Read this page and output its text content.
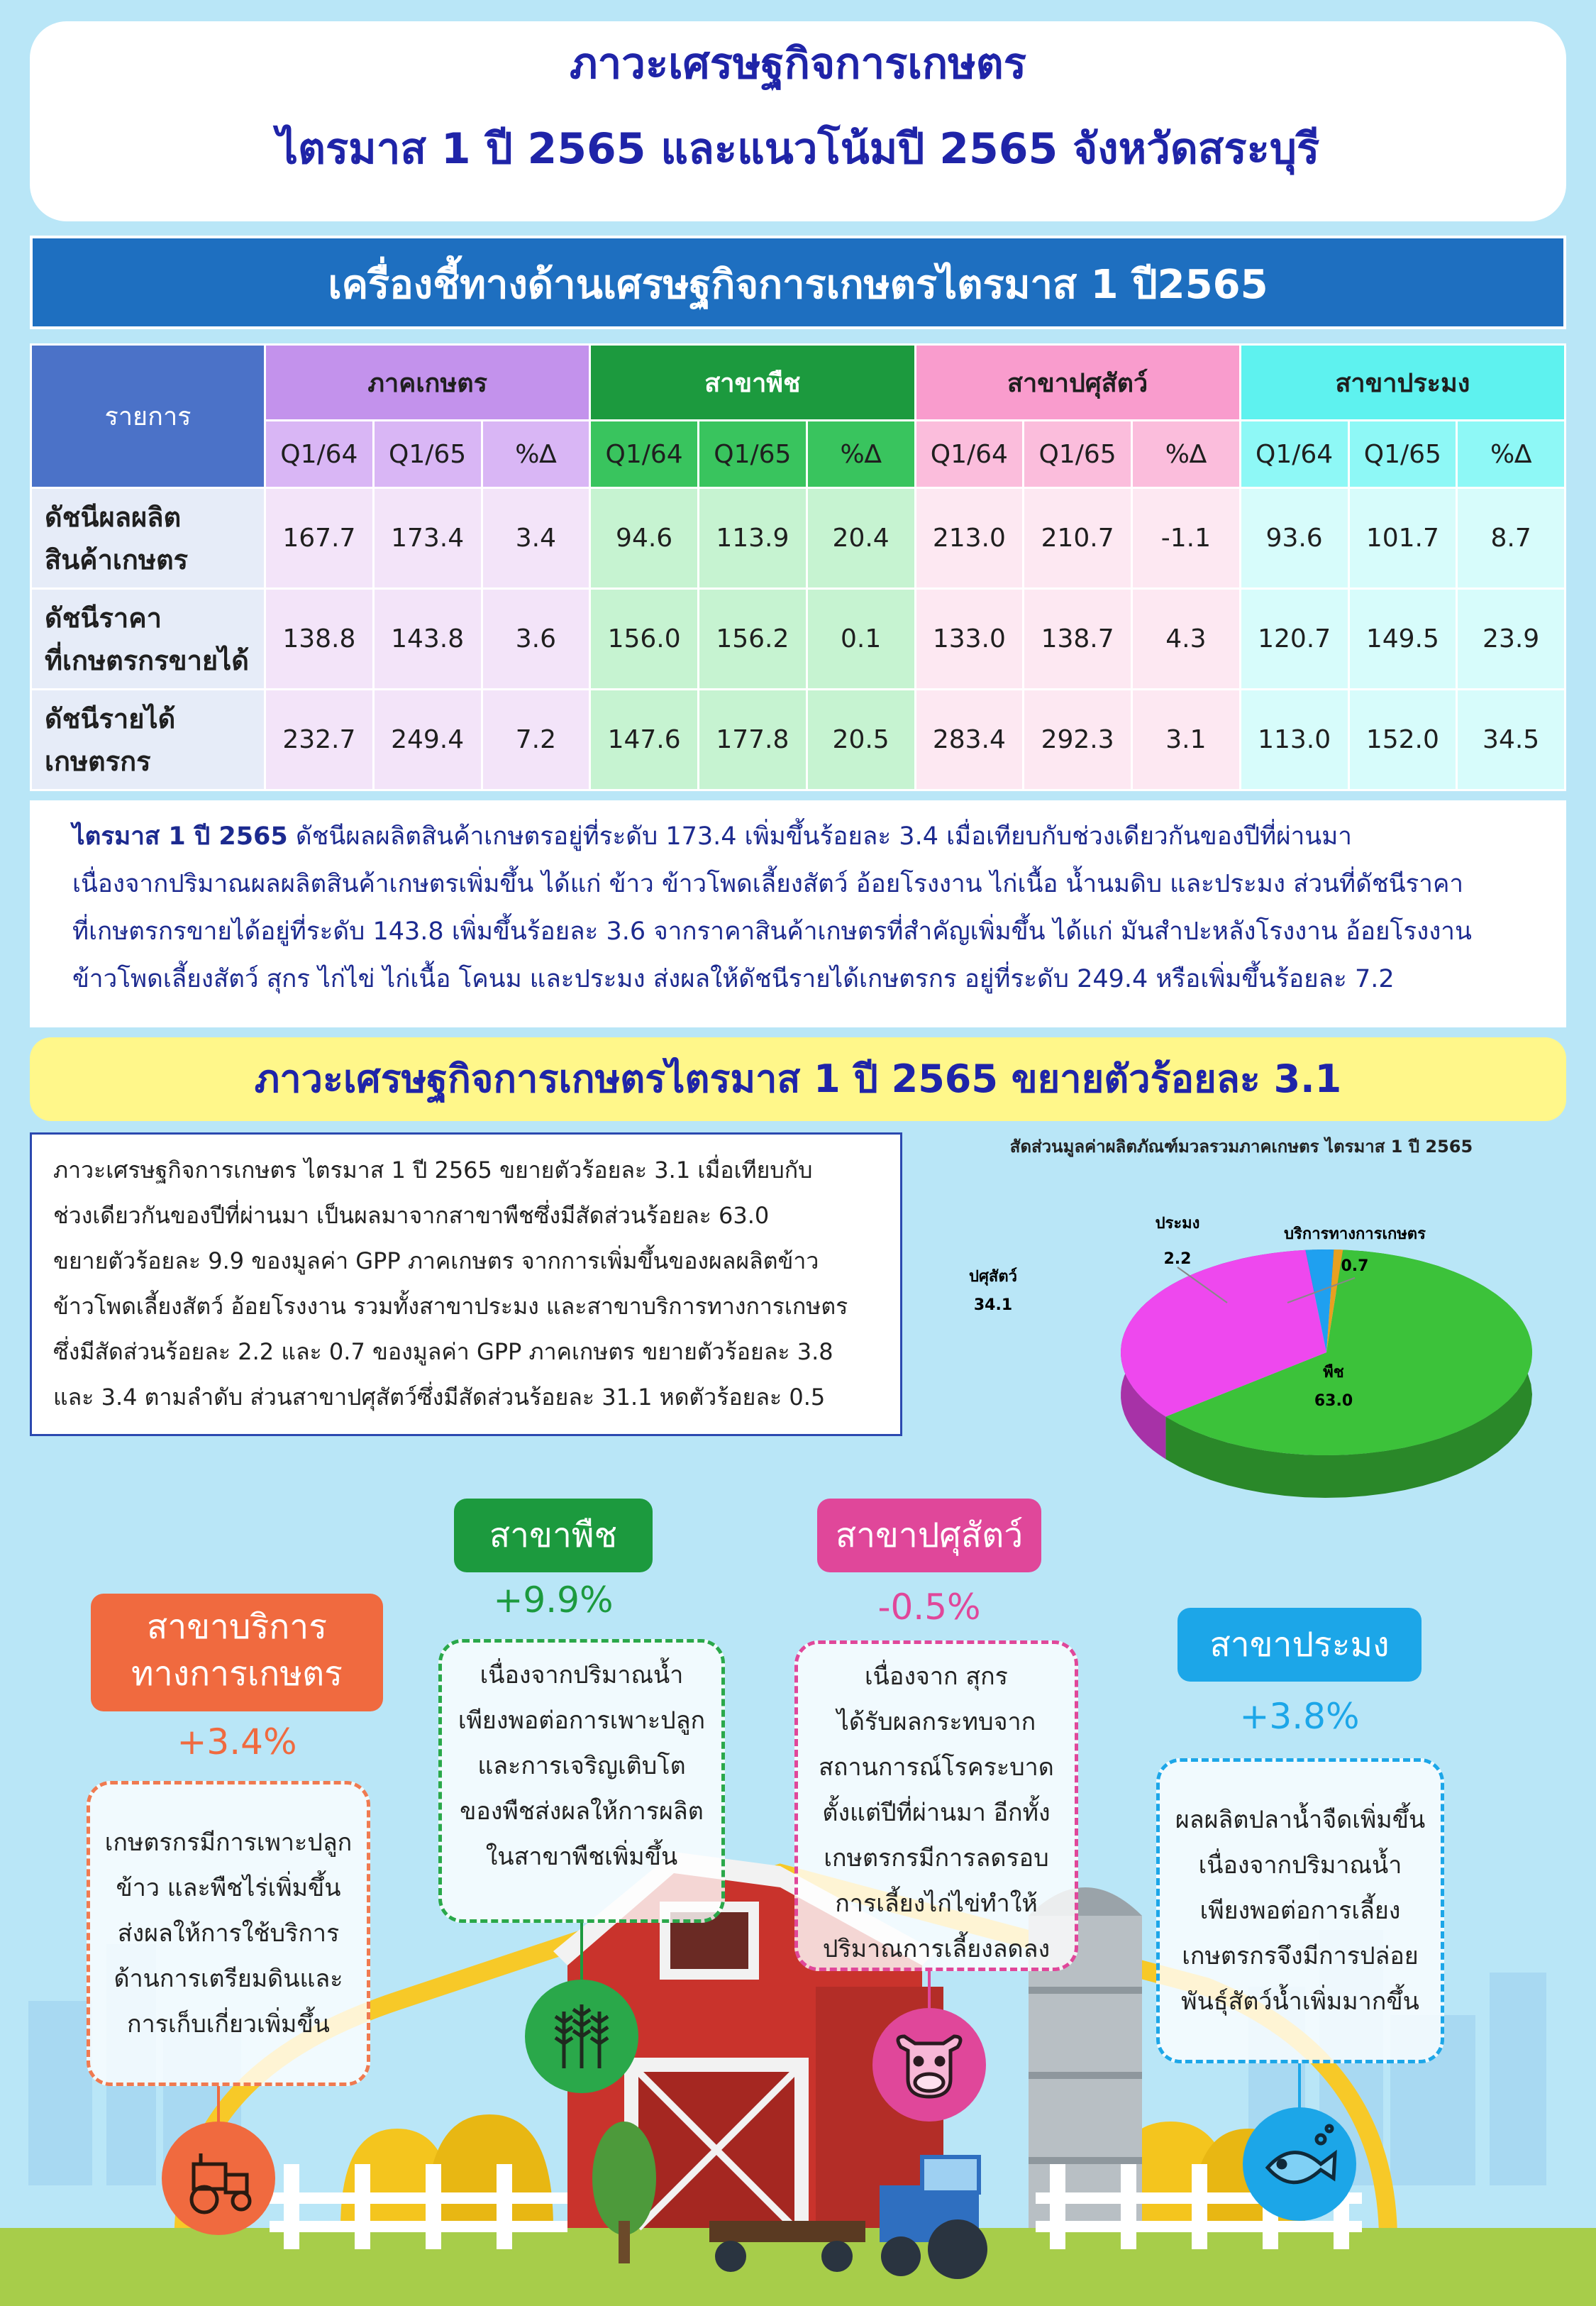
ภาวะเศรษฐกิจการเกษตร
ไตรมาส 1 ปี 2565 และแนวโน้มปี 2565 จังหวัดสระบุรี
เครื่องชี้ทางด้านเศรษฐกิจการเกษตรไตรมาส 1 ปี2565
รายการ	ภาคเกษตร			สาขาพืช			สาขาปศุสัตว์			สาขาประมง		
	Q1/64	Q1/65	%∆	Q1/64	Q1/65	%∆	Q1/64	Q1/65	%∆	Q1/64	Q1/65	%∆

ดัชนีผลผลิต
สินค้าเกษตร	167.7	173.4	3.4	94.6	113.9	20.4	213.0	210.7	-1.1	93.6	101.7	8.7

ดัชนีราคา
ที่เกษตรกรขายได้	138.8	143.8	3.6	156.0	156.2	0.1	133.0	138.7	4.3	120.7	149.5	23.9

ดัชนีรายได้
เกษตรกร	232.7	249.4	7.2	147.6	177.8	20.5	283.4	292.3	3.1	113.0	152.0	34.5
ไตรมาส 1 ปี 2565 ดัชนีผลผลิตสินค้าเกษตรอยู่ที่ระดับ 173.4 เพิ่มขึ้นร้อยละ 3.4 เมื่อเทียบกับช่วงเดียวกันของปีที่ผ่านมา
เนื่องจากปริมาณผลผลิตสินค้าเกษตรเพิ่มขึ้น ได้แก่ ข้าว ข้าวโพดเลี้ยงสัตว์ อ้อยโรงงาน ไก่เนื้อ น้ำนมดิบ และประมง ส่วนที่ดัชนีราคา
ที่เกษตรกรขายได้อยู่ที่ระดับ 143.8 เพิ่มขึ้นร้อยละ 3.6 จากราคาสินค้าเกษตรที่สำคัญเพิ่มขึ้น ได้แก่ มันสำปะหลังโรงงาน อ้อยโรงงาน
ข้าวโพดเลี้ยงสัตว์ สุกร ไก่ไข่ ไก่เนื้อ โคนม และประมง ส่งผลให้ดัชนีรายได้เกษตรกร อยู่ที่ระดับ 249.4 หรือเพิ่มขึ้นร้อยละ 7.2
ภาวะเศรษฐกิจการเกษตรไตรมาส 1 ปี 2565 ขยายตัวร้อยละ 3.1
ภาวะเศรษฐกิจการเกษตร ไตรมาส 1 ปี 2565 ขยายตัวร้อยละ 3.1 เมื่อเทียบกับ
ช่วงเดียวกันของปีที่ผ่านมา เป็นผลมาจากสาขาพืชซึ่งมีสัดส่วนร้อยละ 63.0
ขยายตัวร้อยละ 9.9 ของมูลค่า GPP ภาคเกษตร จากการเพิ่มขึ้นของผลผลิตข้าว
ข้าวโพดเลี้ยงสัตว์ อ้อยโรงงาน รวมทั้งสาขาประมง และสาขาบริการทางการเกษตร
ซึ่งมีสัดส่วนร้อยละ 2.2 และ 0.7 ของมูลค่า GPP ภาคเกษตร ขยายตัวร้อยละ 3.8
และ 3.4 ตามลำดับ ส่วนสาขาปศุสัตว์ซึ่งมีสัดส่วนร้อยละ 31.1 หดตัวร้อยละ 0.5
สัดส่วนมูลค่าผลิตภัณฑ์มวลรวมภาคเกษตร ไตรมาส 1 ปี 2565
พืช
63.0
ปศุสัตว์
34.1
ประมง
2.2
บริการทางการเกษตร
0.7
สาขาพืช
+9.9%
เนื่องจากปริมาณน้ำ
เพียงพอต่อการเพาะปลูก
และการเจริญเติบโต
ของพืชส่งผลให้การผลิต
ในสาขาพืชเพิ่มขึ้น
สาขาปศุสัตว์
-0.5%
เนื่องจาก สุกร
ได้รับผลกระทบจาก
สถานการณ์โรคระบาด
ตั้งแต่ปีที่ผ่านมา อีกทั้ง
เกษตรกรมีการลดรอบ
การเลี้ยงไก่ไข่ทำให้
ปริมาณการเลี้ยงลดลง
สาขาบริการ
ทางการเกษตร
+3.4%
เกษตรกรมีการเพาะปลูก
ข้าว และพืชไร่เพิ่มขึ้น
ส่งผลให้การใช้บริการ
ด้านการเตรียมดินและ
การเก็บเกี่ยวเพิ่มขึ้น
สาขาประมง
+3.8%
ผลผลิตปลาน้ำจืดเพิ่มขึ้น
เนื่องจากปริมาณน้ำ
เพียงพอต่อการเลี้ยง
เกษตรกรจึงมีการปล่อย
พันธุ์สัตว์น้ำเพิ่มมากขึ้น
